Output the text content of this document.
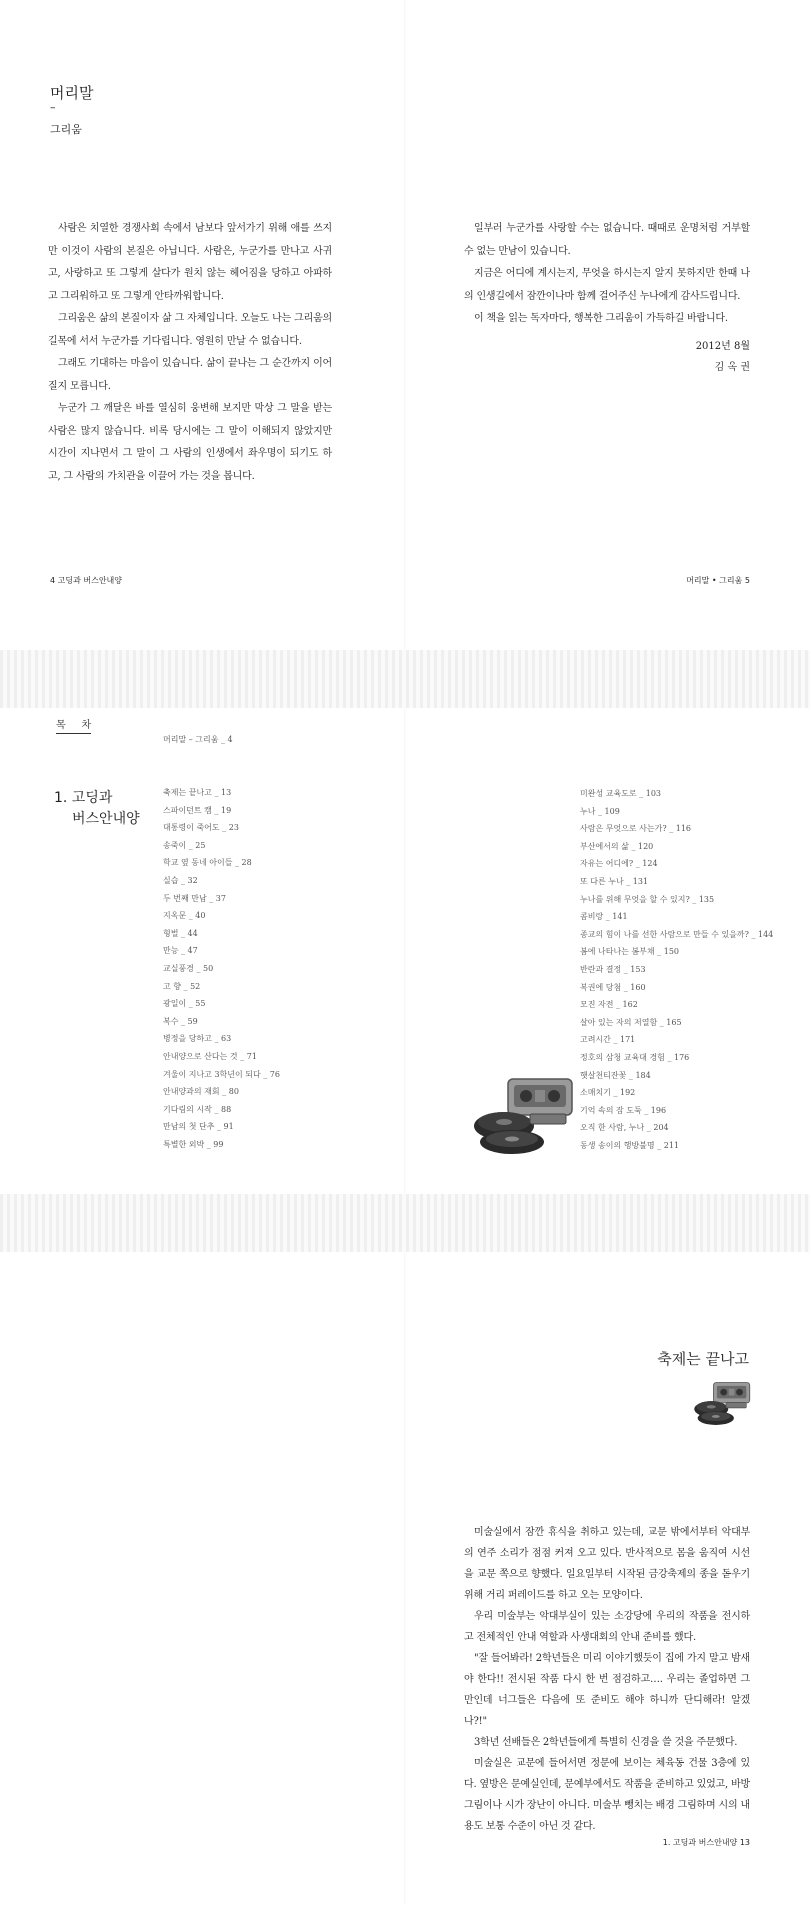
머리말
–
그리움

사람은 치열한 경쟁사회 속에서 남보다 앞서가기 위해 애를 쓰지만 이것이 사람의 본질은 아닙니다. 사람은, 누군가를 만나고 사귀고, 사랑하고 또 그렇게 살다가 원치 않는 헤어짐을 당하고 아파하고 그리워하고 또 그렇게 안타까워합니다.

그리움은 삶의 본질이자 삶 그 자체입니다. 오늘도 나는 그리움의 길목에 서서 누군가를 기다립니다. 영원히 만날 수 없습니다.

그래도 기대하는 마음이 있습니다. 삶이 끝나는 그 순간까지 이어질지 모릅니다.

누군가 그 깨달은 바를 열심히 웅변해 보지만 막상 그 말을 받는 사람은 많지 않습니다. 비록 당시에는 그 말이 이해되지 않았지만 시간이 지나면서 그 말이 그 사람의 인생에서 좌우명이 되기도 하고, 그 사람의 가치관을 이끌어 가는 것을 봅니다.

일부러 누군가를 사랑할 수는 없습니다. 때때로 운명처럼 거부할 수 없는 만남이 있습니다.

지금은 어디에 계시는지, 무엇을 하시는지 알지 못하지만 한때 나의 인생길에서 잠깐이나마 함께 걸어주신 누나에게 감사드립니다.

이 책을 읽는 독자마다, 행복한 그리움이 가득하길 바랍니다.

2012년 8월
김 옥 권
4 고딩과 버스안내양	머리말 • 그리움 5
목     차
머리말 – 그리움 _ 4
1. 고딩과
버스안내양
축제는 끝나고 _ 13
스파이던트 캠 _ 19
대통령이 죽어도 _ 23
송죽이 _ 25
학교 옆 동네 아이들 _ 28
실습 _ 32
두 번째 만남 _ 37
지옥문 _ 40
형벌 _ 44
만능 _ 47
교실풍경 _ 50
고 향 _ 52
광일이 _ 55
복수 _ 59
병정을 당하고 _ 63
안내양으로 산다는 것 _ 71
겨울이 지나고 3학년이 되다 _ 76
안내양과의 재회 _ 80
기다림의 시작 _ 88
만남의 첫 단추 _ 91
특별한 외박 _ 99
미완성 교육도로 _ 103
누나 _ 109
사람은 무엇으로 사는가? _ 116
부산에서의 삶 _ 120
자유는 어디에? _ 124
또 다른 누나 _ 131
누나를 위해 무엇을 할 수 있지? _ 135
콤비랑 _ 141
종교의 힘이 나를 선한 사람으로 만들 수 있을까? _ 144
봄에 나타나는 봄부채 _ 150
반란과 결정 _ 153
복권에 당첨 _ 160
모진 자전 _ 162
살아 있는 자의 저열함 _ 165
고려시간 _ 171
정호의 삼청 교육대 경험 _ 176
햇살천티잔꽃 _ 184
소매치기 _ 192
기억 속의 잠 도둑 _ 196
오직 한 사람, 누나 _ 204
동생 송이의 행방불명 _ 211
축제는 끝나고

미술실에서 잠깐 휴식을 취하고 있는데, 교문 밖에서부터 악대부의 연주 소리가 점점 커져 오고 있다. 반사적으로 몸을 움직여 시선을 교문 쪽으로 향했다. 일요일부터 시작된 금강축제의 종을 돋우기 위해 거리 퍼레이드를 하고 오는 모양이다.

우리 미술부는 악대부실이 있는 소강당에 우리의 작품을 전시하고 전체적인 안내 역할과 사생대회의 안내 준비를 했다.

"잘 들어봐라! 2학년들은 미리 이야기했듯이 집에 가지 말고 밤새야 한다!! 전시된 작품 다시 한 번 점검하고…. 우리는 졸업하면 그만인데 너그들은 다음에 또 준비도 해야 하니까 단디해라! 알겠나?!"

3학년 선배들은 2학년들에게 특별히 신경을 쓸 것을 주문했다.

미술실은 교문에 들어서면 정문에 보이는 체육동 건물 3층에 있다. 옆방은 문예실인데, 문예부에서도 작품을 준비하고 있었고, 바방 그림이나 시가 장난이 아니다. 미술부 뺑치는 배경 그림하며 시의 내용도 보통 수준이 아닌 것 같다.

1. 고딩과 버스안내양 13
